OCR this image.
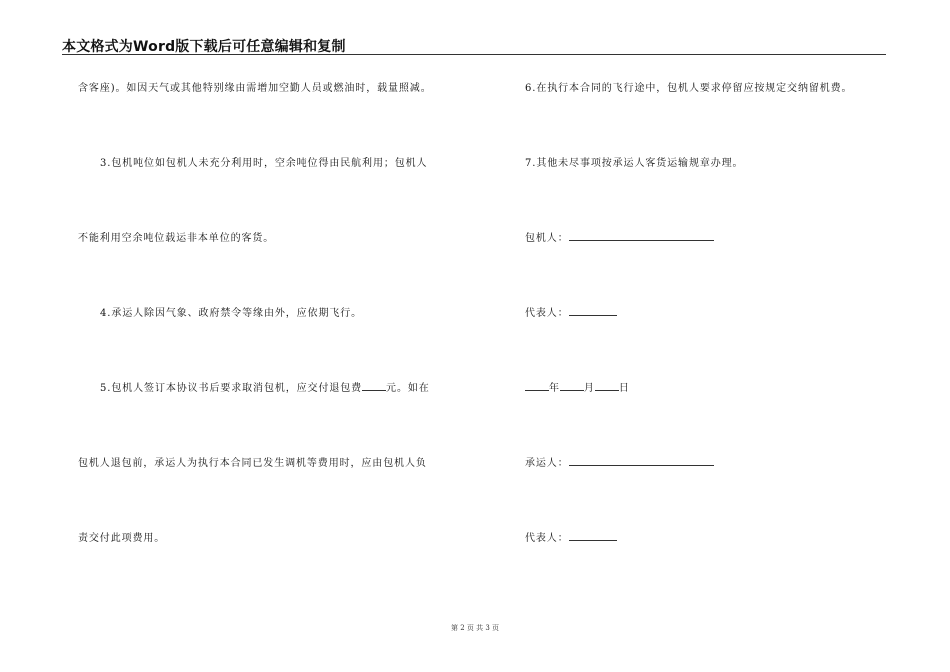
本文格式为Word版下载后可任意编辑和复制
含客座)。如因天气或其他特别缘由需增加空勤人员或燃油时，载量照减。
3.包机吨位如包机人未充分利用时，空余吨位得由民航利用；包机人
不能利用空余吨位载运非本单位的客货。
4.承运人除因气象、政府禁令等缘由外，应依期飞行。
5.包机人签订本协议书后要求取消包机，应交付退包费 元。如在
包机人退包前，承运人为执行本合同已发生调机等费用时，应由包机人负
责交付此项费用。
6.在执行本合同的飞行途中，包机人要求停留应按规定交纳留机费。
7.其他未尽事项按承运人客货运输规章办理。
包机人：
代表人：
年 月 日
承运人：
代表人：
第 2 页 共 3 页
